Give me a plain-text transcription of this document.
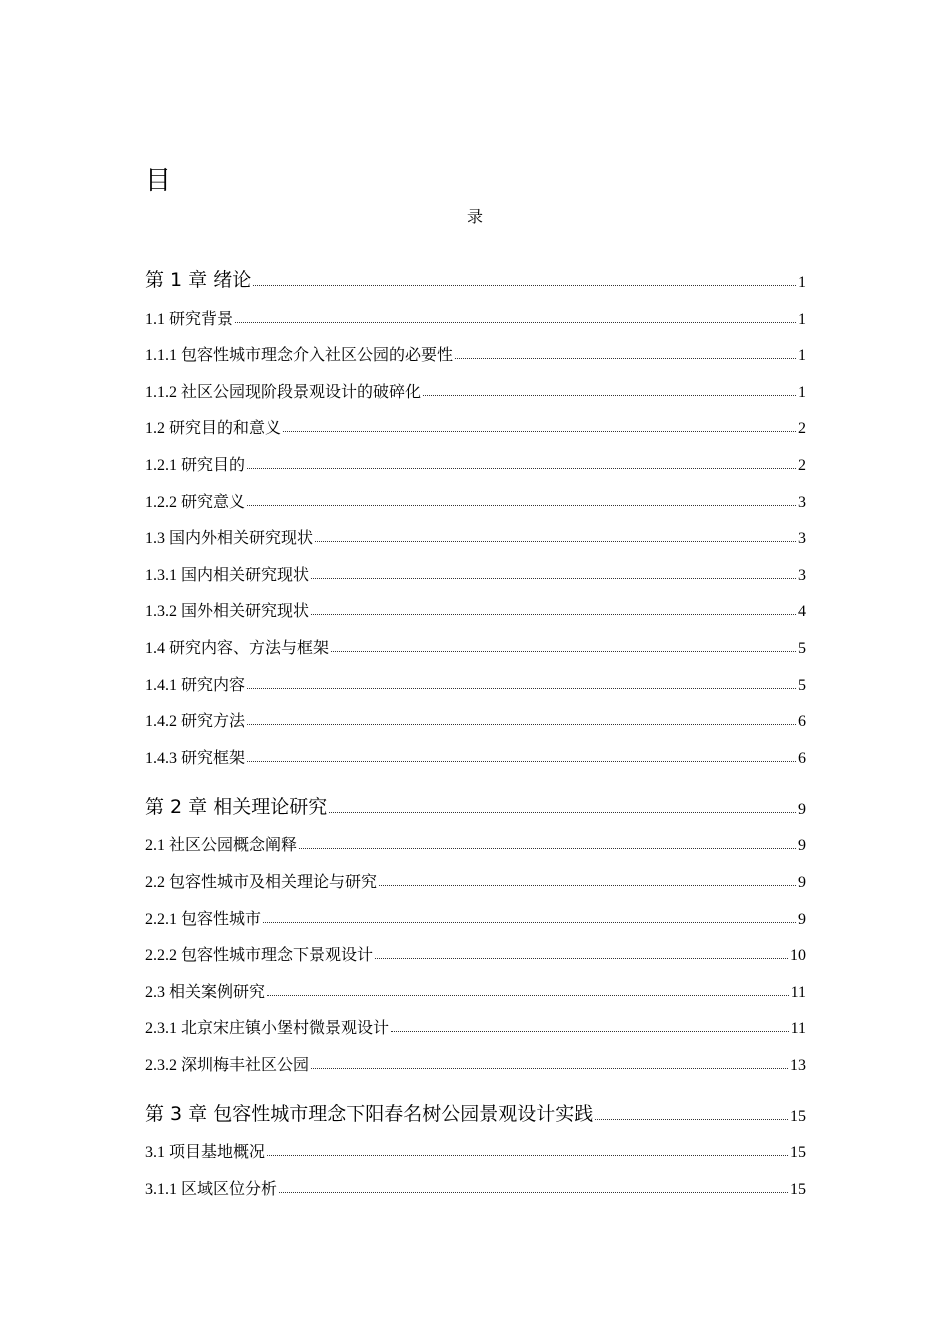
目
录
第 1 章 绪论	1
1.1 研究背景	1
1.1.1 包容性城市理念介入社区公园的必要性	1
1.1.2 社区公园现阶段景观设计的破碎化	1
1.2 研究目的和意义	2
1.2.1 研究目的	2
1.2.2 研究意义	3
1.3 国内外相关研究现状	3
1.3.1 国内相关研究现状	3
1.3.2 国外相关研究现状	4
1.4 研究内容、方法与框架	5
1.4.1 研究内容	5
1.4.2 研究方法	6
1.4.3 研究框架	6
第 2 章 相关理论研究	9
2.1 社区公园概念阐释	9
2.2 包容性城市及相关理论与研究	9
2.2.1 包容性城市	9
2.2.2 包容性城市理念下景观设计	10
2.3 相关案例研究	11
2.3.1 北京宋庄镇小堡村微景观设计	11
2.3.2 深圳梅丰社区公园	13
第 3 章 包容性城市理念下阳春名树公园景观设计实践	15
3.1 项目基地概况	15
3.1.1 区域区位分析	15
